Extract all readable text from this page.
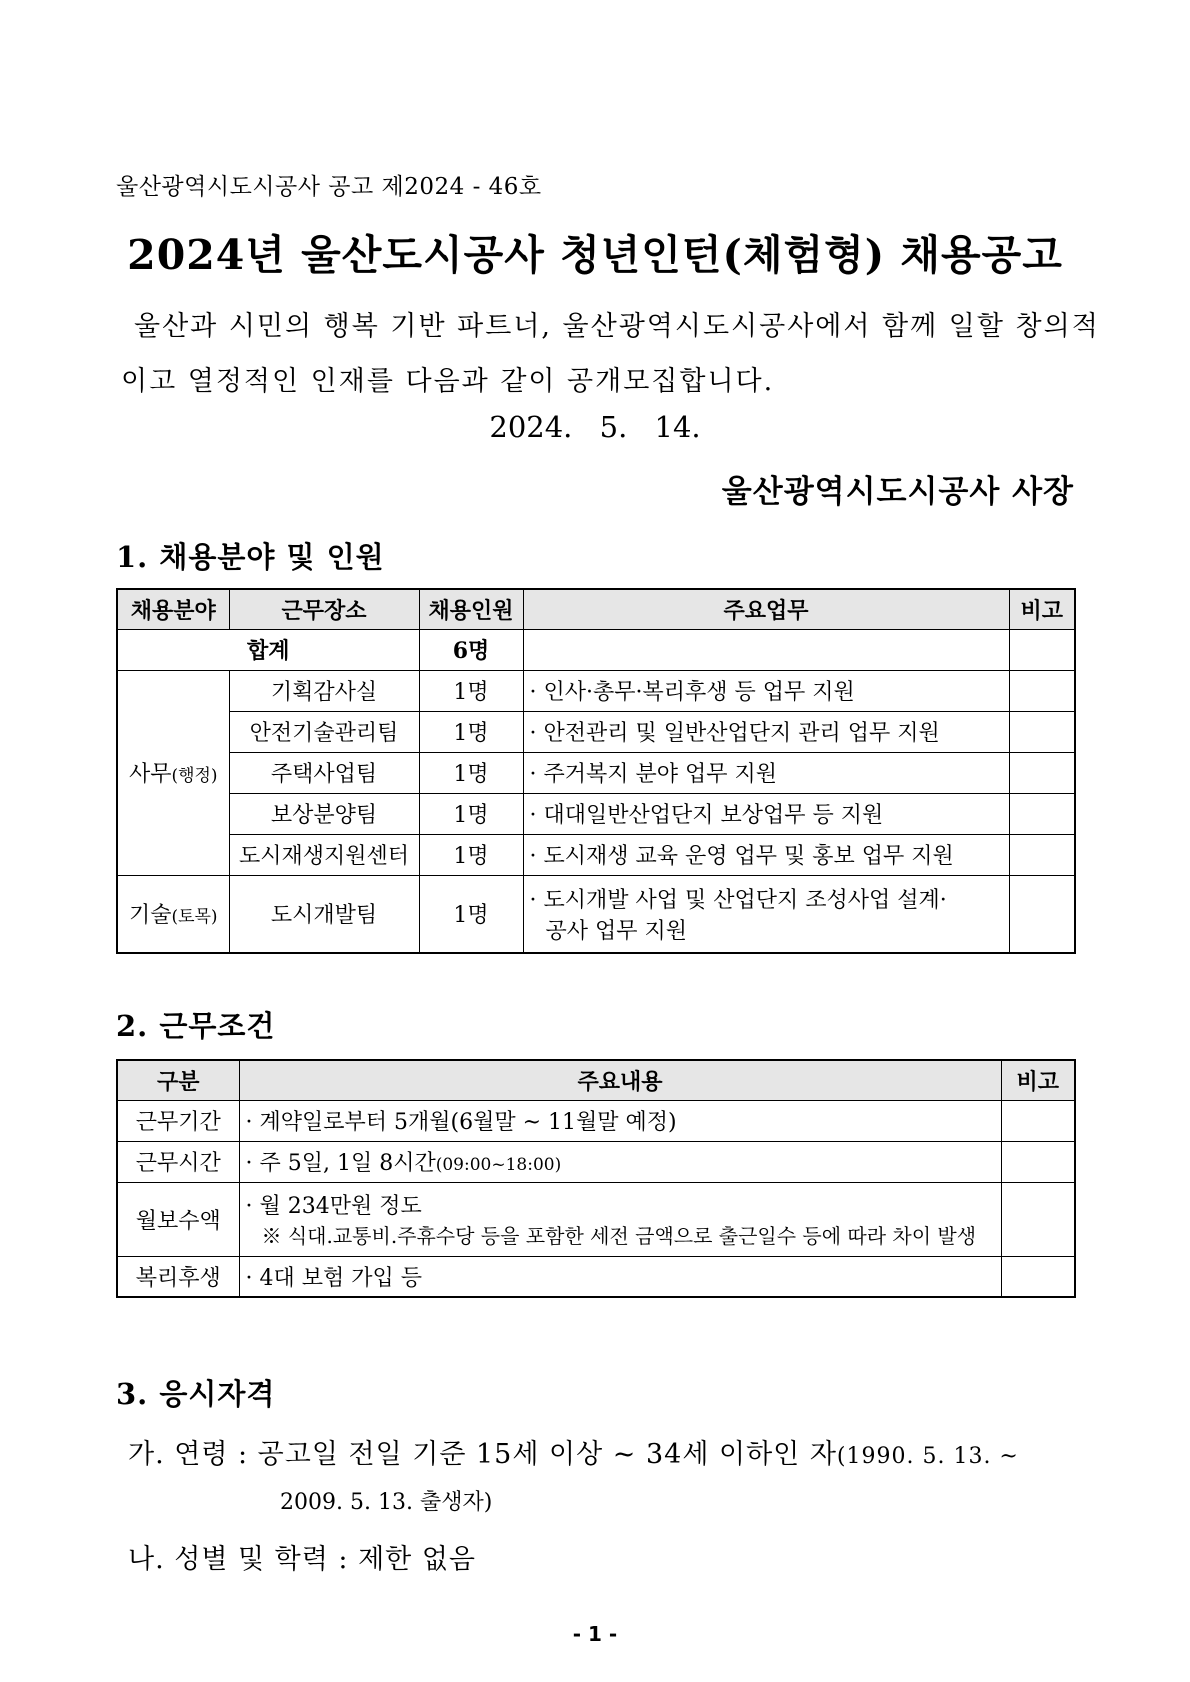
울산광역시도시공사 공고 제2024 - 46호
2024년 울산도시공사 청년인턴(체험형) 채용공고
울산과 시민의 행복 기반 파트너, 울산광역시도시공사에서 함께 일할 창의적
이고 열정적인 인재를 다음과 같이 공개모집합니다.
2024. 5. 14.
울산광역시도시공사 사장
1. 채용분야 및 인원
채용분야	근무장소	채용인원	주요업무	비고
합계		6명		
사무(행정)	기획감사실	1명	· 인사·총무·복리후생 등 업무 지원	
	안전기술관리팀	1명	· 안전관리 및 일반산업단지 관리 업무 지원	
	주택사업팀	1명	· 주거복지 분야 업무 지원	
	보상분양팀	1명	· 대대일반산업단지 보상업무 등 지원	
	도시재생지원센터	1명	· 도시재생 교육 운영 업무 및 홍보 업무 지원	
기술(토목)	도시개발팀	1명	· 도시개발 사업 및 산업단지 조성사업 설계·
공사 업무 지원	

2. 근무조건
구분	주요내용	비고
근무기간	· 계약일로부터 5개월(6월말 ~ 11월말 예정)	
근무시간	· 주 5일, 1일 8시간(09:00~18:00)	
월보수액	· 월 234만원 정도
※ 식대.교통비.주휴수당 등을 포함한 세전 금액으로 출근일수 등에 따라 차이 발생	

복리후생	· 4대 보험 가입 등	
3. 응시자격
가. 연령 : 공고일 전일 기준 15세 이상 ~ 34세 이하인 자(1990. 5. 13. ~
2009. 5. 13. 출생자)
나. 성별 및 학력 : 제한 없음
- 1 -
